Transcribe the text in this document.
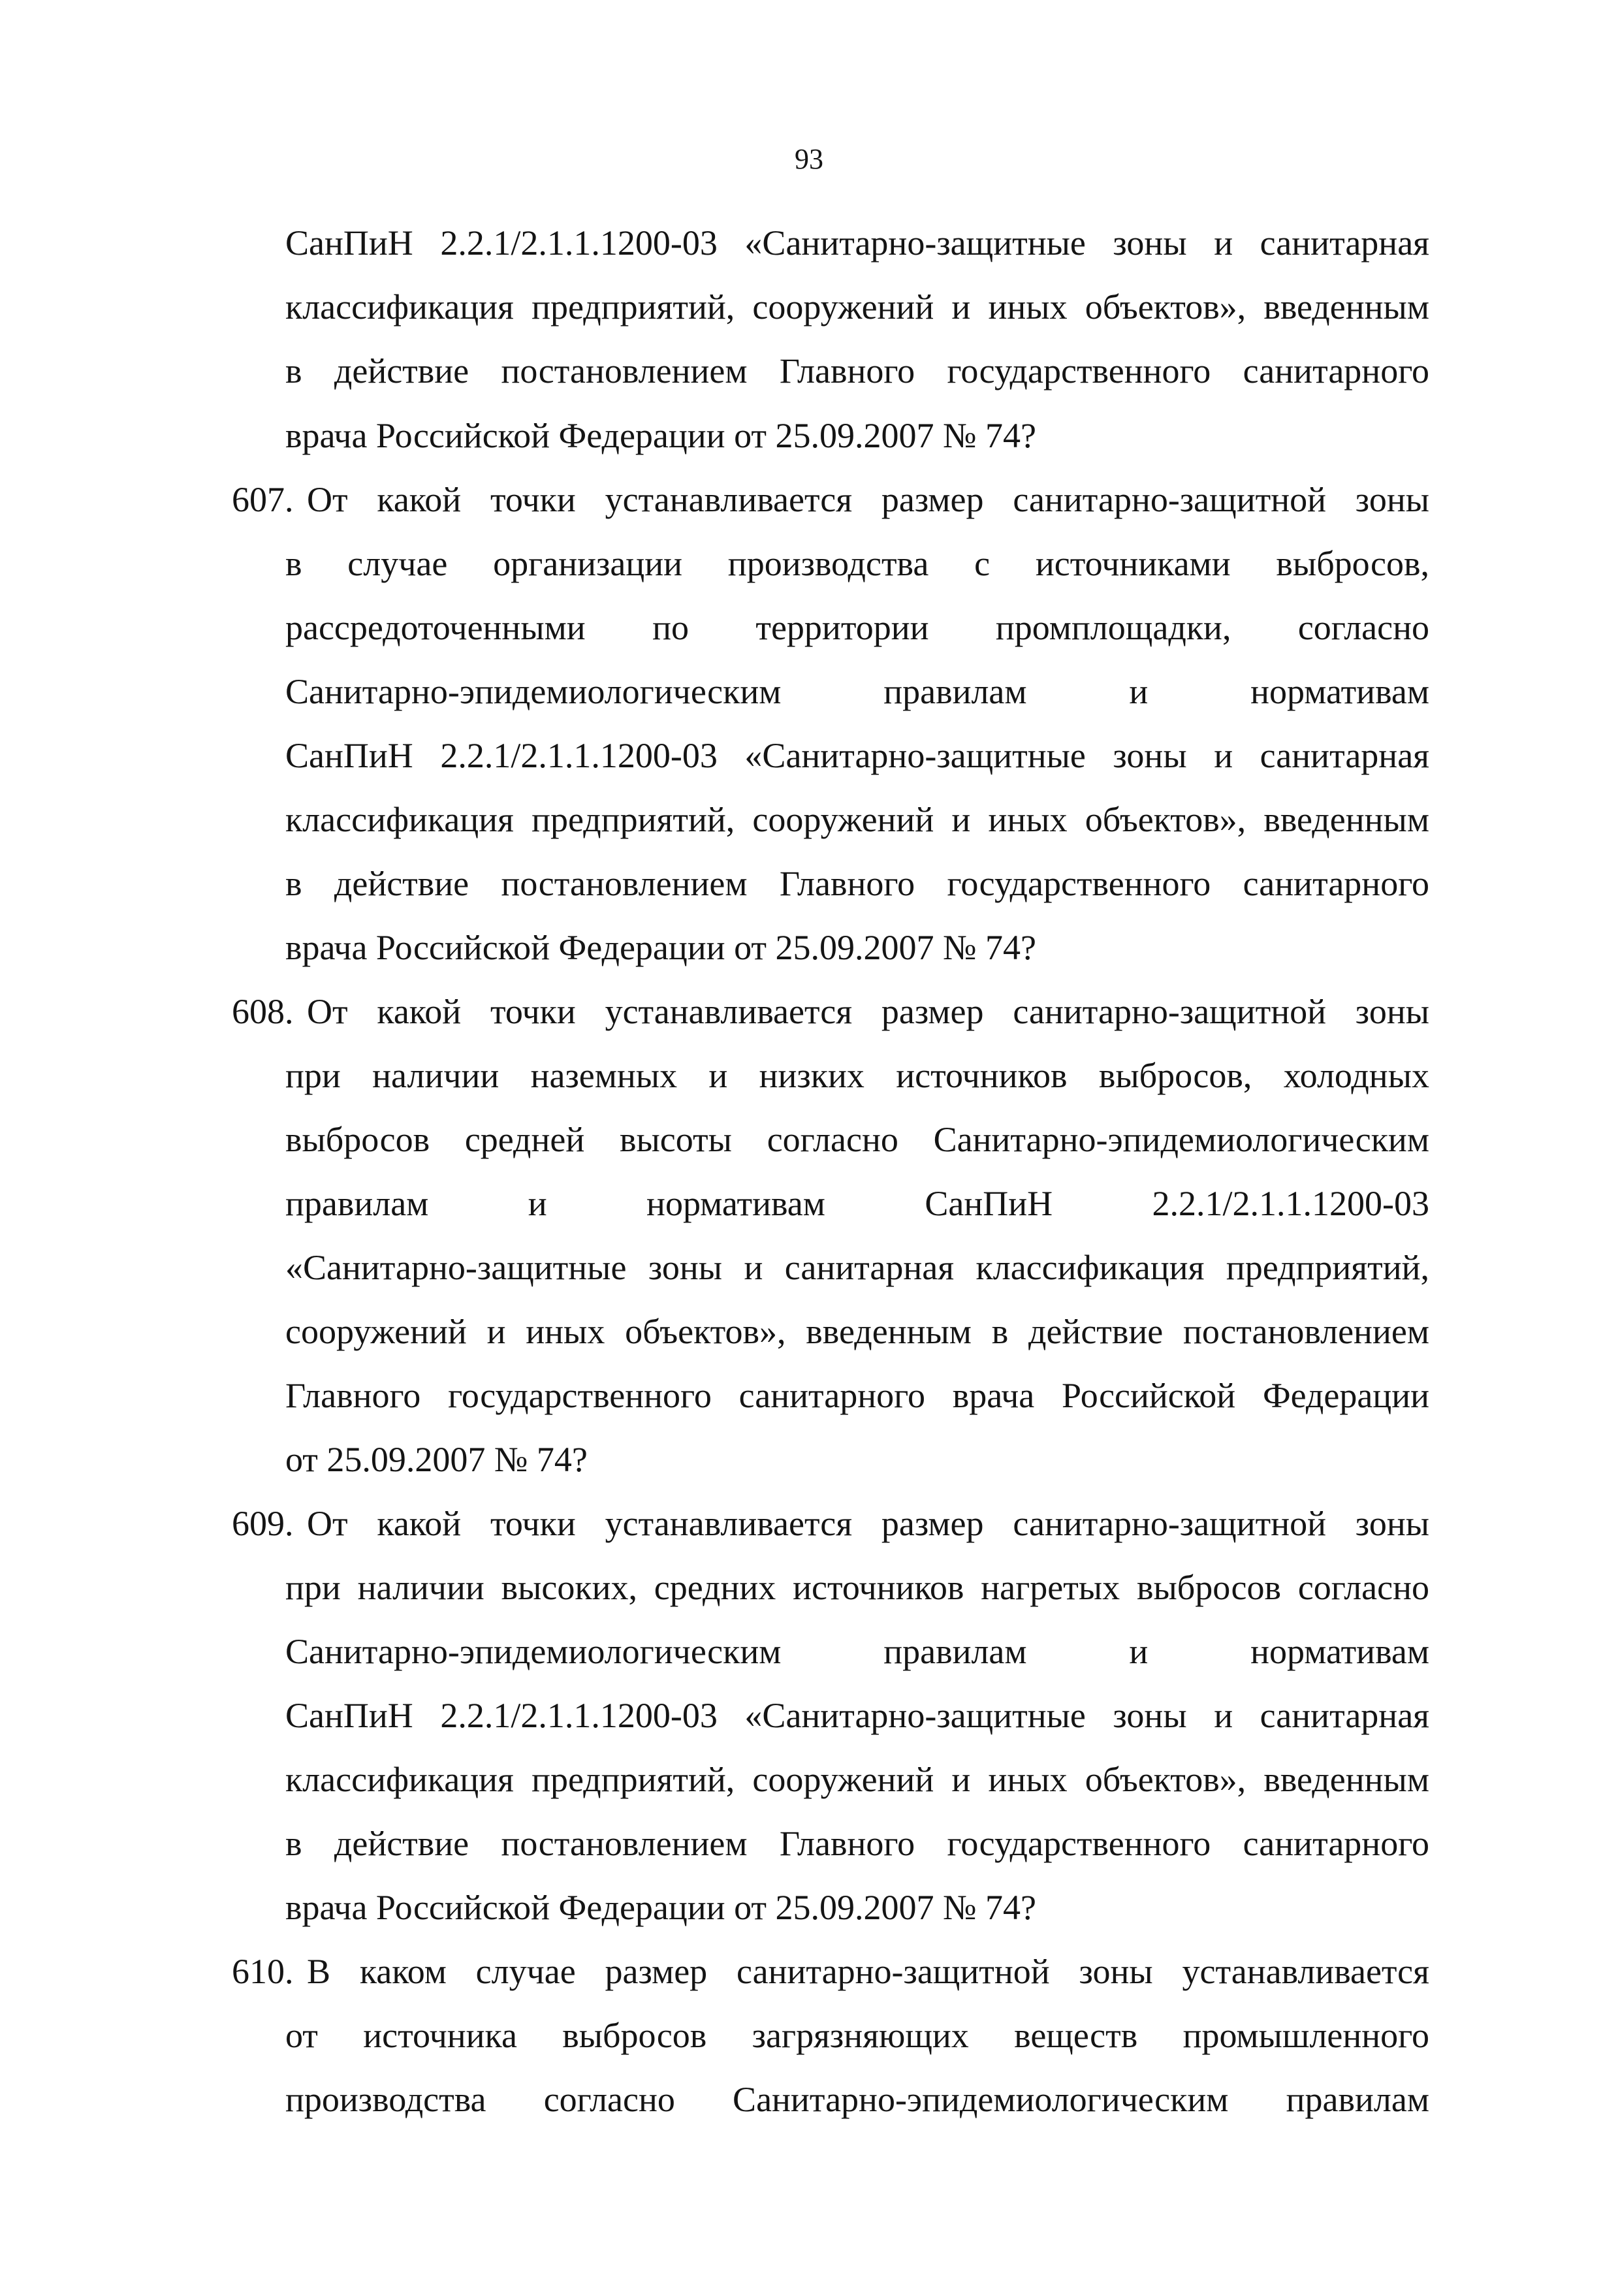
93
СанПиН 2.2.1/2.1.1.1200-03 «Санитарно-защитные зоны и санитарная
классификация предприятий, сооружений и иных объектов», введенным
в действие постановлением Главного государственного санитарного
врача Российской Федерации от 25.09.2007 № 74?
607. От какой точки устанавливается размер санитарно-защитной зоны
в случае организации производства с источниками выбросов,
рассредоточенными по территории промплощадки, согласно
Санитарно-эпидемиологическим правилам и нормативам
СанПиН 2.2.1/2.1.1.1200-03 «Санитарно-защитные зоны и санитарная
классификация предприятий, сооружений и иных объектов», введенным
в действие постановлением Главного государственного санитарного
врача Российской Федерации от 25.09.2007 № 74?
608. От какой точки устанавливается размер санитарно-защитной зоны
при наличии наземных и низких источников выбросов, холодных
выбросов средней высоты согласно Санитарно-эпидемиологическим
правилам и нормативам СанПиН 2.2.1/2.1.1.1200-03
«Санитарно-защитные зоны и санитарная классификация предприятий,
сооружений и иных объектов», введенным в действие постановлением
Главного государственного санитарного врача Российской Федерации
от 25.09.2007 № 74?
609. От какой точки устанавливается размер санитарно-защитной зоны
при наличии высоких, средних источников нагретых выбросов согласно
Санитарно-эпидемиологическим правилам и нормативам
СанПиН 2.2.1/2.1.1.1200-03 «Санитарно-защитные зоны и санитарная
классификация предприятий, сооружений и иных объектов», введенным
в действие постановлением Главного государственного санитарного
врача Российской Федерации от 25.09.2007 № 74?
610. В каком случае размер санитарно-защитной зоны устанавливается
от источника выбросов загрязняющих веществ промышленного
производства согласно Санитарно-эпидемиологическим правилам
